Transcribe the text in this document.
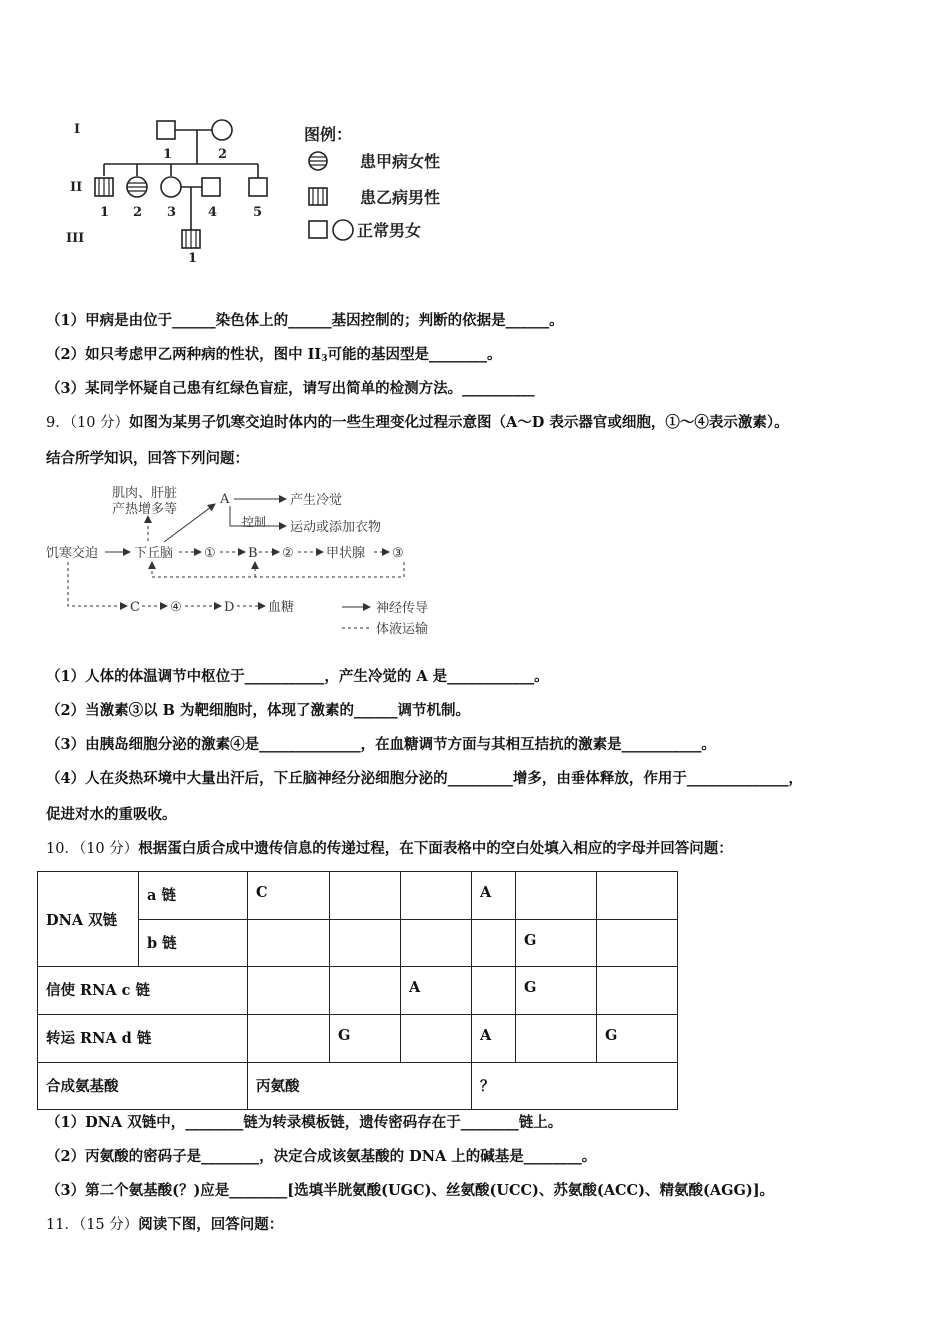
I
II
III
1	2
1 2 3 4	5
1
图例：
患甲病女性
患乙病男性
正常男女
（1）甲病是由位于______染色体上的______基因控制的；判断的依据是______。
（2）如只考虑甲乙两种病的性状，图中 $II_3$可能的基因型是________。
（3）某同学怀疑自己患有红绿色盲症，请写出简单的检测方法。__________
9．（10 分）如图为某男子饥寒交迫时体内的一些生理变化过程示意图（A～D 表示器官或细胞，①～④表示激素）。
结合所学知识，回答下列问题：
肌肉、肝脏
产热增多等
A	产生冷觉
控制 运动或添加衣物
饥寒交迫	下丘脑 ① B ② 甲状腺 ③
C ④	D	血糖	神经传导
体液运输
（1）人体的体温调节中枢位于___________，产生冷觉的 A 是____________。
（2）当激素③以 B 为靶细胞时，体现了激素的______调节机制。
（3）由胰岛细胞分泌的激素④是______________，在血糖调节方面与其相互拮抗的激素是___________。
（4）人在炎热环境中大量出汗后，下丘脑神经分泌细胞分泌的_________增多，由垂体释放，作用于______________，
促进对水的重吸收。
10．（10 分）根据蛋白质合成中遗传信息的传递过程，在下面表格中的空白处填入相应的字母并回答问题：
DNA 双链	a 链	C			A		
	b 链					G	
信使 RNA c 链				A		G	
转运 RNA d 链			G		A		G
合成氨基酸		丙氨酸			？		
（1）DNA 双链中，________链为转录模板链，遗传密码存在于________链上。
（2）丙氨酸的密码子是________，决定合成该氨基酸的 DNA 上的碱基是________。
（3）第二个氨基酸(？)应是________[选填半胱氨酸(UGC)、丝氨酸(UCC)、苏氨酸(ACC)、精氨酸(AGG)]。
11．（15 分）阅读下图，回答问题：
